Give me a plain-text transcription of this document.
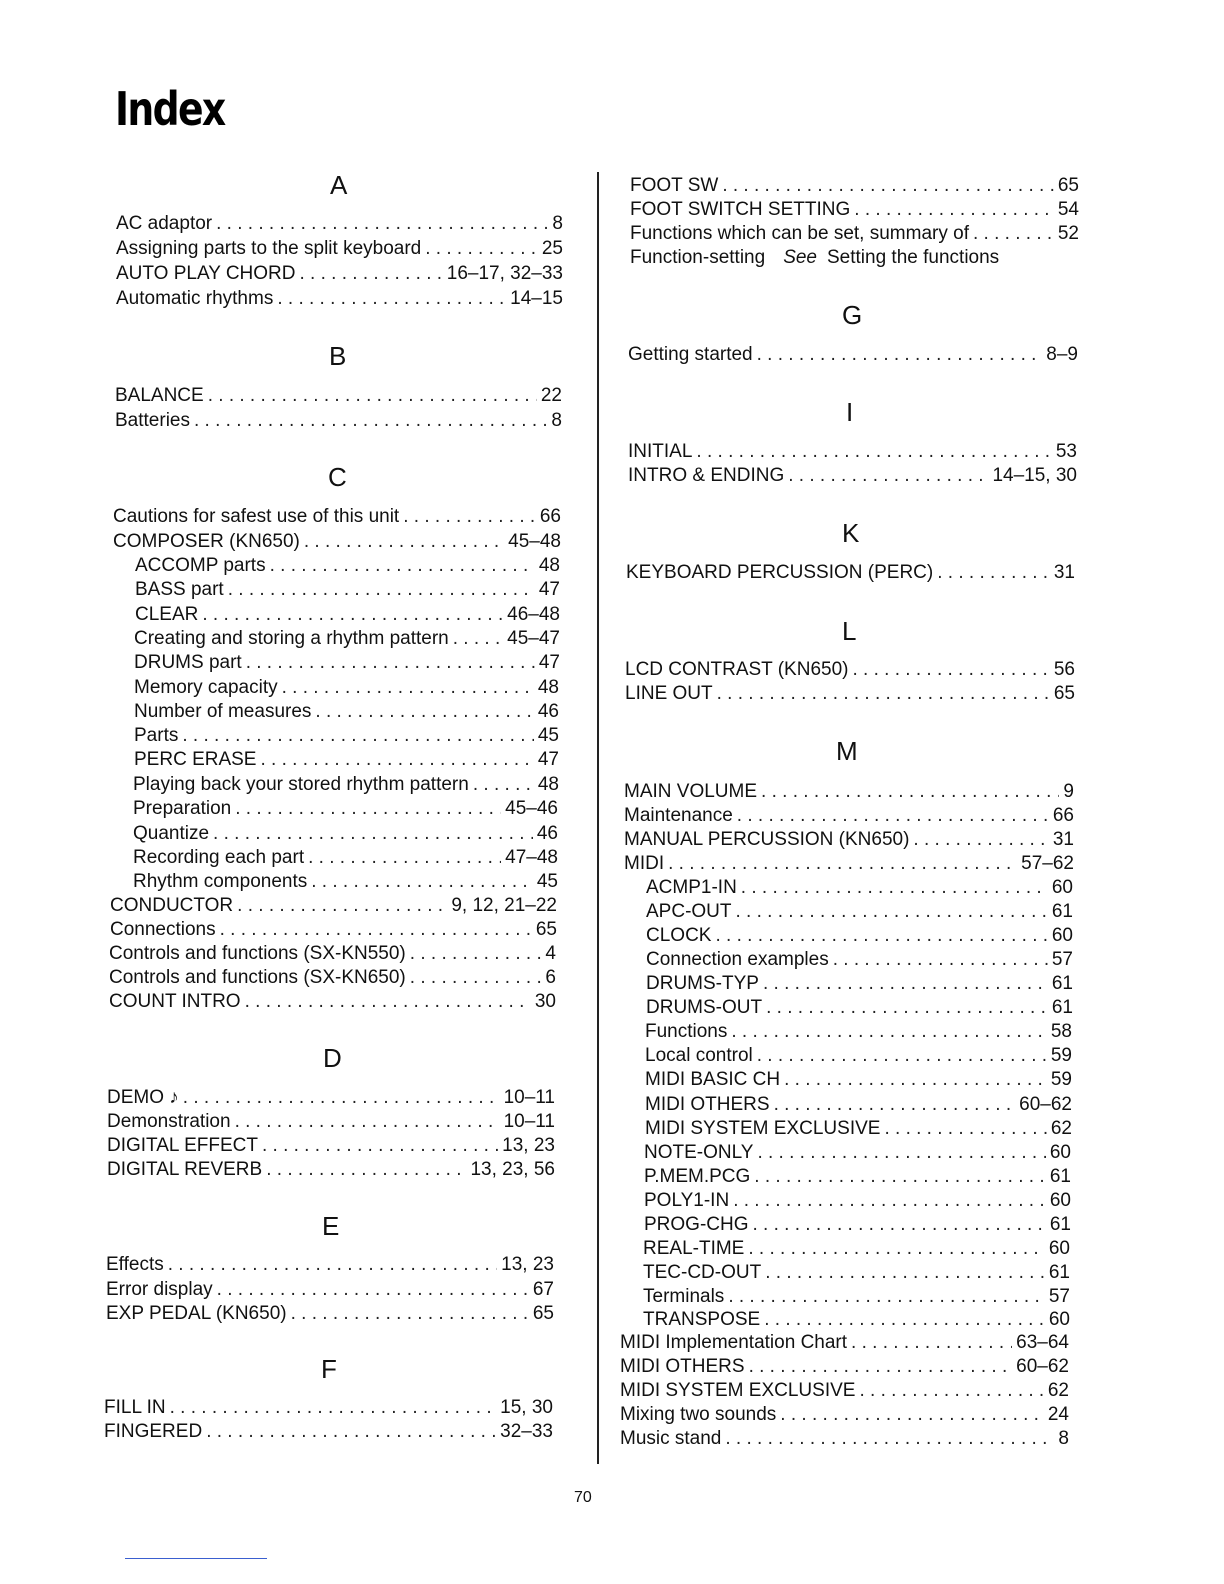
Index
A
AC adaptor . . .	8
Assigning parts to the split keyboard . . .	25
AUTO PLAY CHORD . . .	16–17, 32–33
Automatic rhythms . . .	14–15
B
BALANCE . . .	22
Batteries . . .	8
C
Cautions for safest use of this unit . . .	66
COMPOSER (KN650) . . .	45–48
ACCOMP parts . . .	48
BASS part . . .	47
CLEAR . . .	46–48
Creating and storing a rhythm pattern . . .	45–47
DRUMS part . . .	47
Memory capacity . . .	48
Number of measures . . .	46
Parts . . .	45
PERC ERASE . . .	47
Playing back your stored rhythm pattern . . .	48
Preparation . . .	45–46
Quantize . . .	46
Recording each part . . .	47–48
Rhythm components . . .	45
CONDUCTOR . . .	9, 12, 21–22
Connections . . .	65
Controls and functions (SX-KN550) . . .	4
Controls and functions (SX-KN650) . . .	6
COUNT INTRO . . .	30
D
DEMO ♪ . . .	10–11
Demonstration . . .	10–11
DIGITAL EFFECT . . .	13, 23
DIGITAL REVERB . . .	13, 23, 56
E
Effects . . .	13, 23
Error display . . .	67
EXP PEDAL (KN650) . . .	65
F
FILL IN . . .	15, 30
FINGERED . . .	32–33
FOOT SW . . .	65
FOOT SWITCH SETTING . . .	54
Functions which can be set, summary of . . .	52
Function-setting See Setting the functions
G
Getting started . . .	8–9
I
INITIAL . . .	53
INTRO & ENDING . . .	14–15, 30
K
KEYBOARD PERCUSSION (PERC) . . .	31
L
LCD CONTRAST (KN650) . . .	56
LINE OUT . . .	65
M
MAIN VOLUME . . .	9
Maintenance . . .	66
MANUAL PERCUSSION (KN650) . . .	31
MIDI . . .	57–62
ACMP1-IN . . .	60
APC-OUT . . .	61
CLOCK . . .	60
Connection examples . . .	57
DRUMS-TYP . . .	61
DRUMS-OUT . . .	61
Functions . . .	58
Local control . . .	59
MIDI BASIC CH . . .	59
MIDI OTHERS . . .	60–62
MIDI SYSTEM EXCLUSIVE . . .	62
NOTE-ONLY . . .	60
P.MEM.PCG . . .	61
POLY1-IN . . .	60
PROG-CHG . . .	61
REAL-TIME . . .	60
TEC-CD-OUT . . .	61
Terminals . . .	57
TRANSPOSE . . .	60
MIDI Implementation Chart . . .	63–64
MIDI OTHERS . . .	60–62
MIDI SYSTEM EXCLUSIVE . . .	62
Mixing two sounds . . .	24
Music stand . . .	8
70
